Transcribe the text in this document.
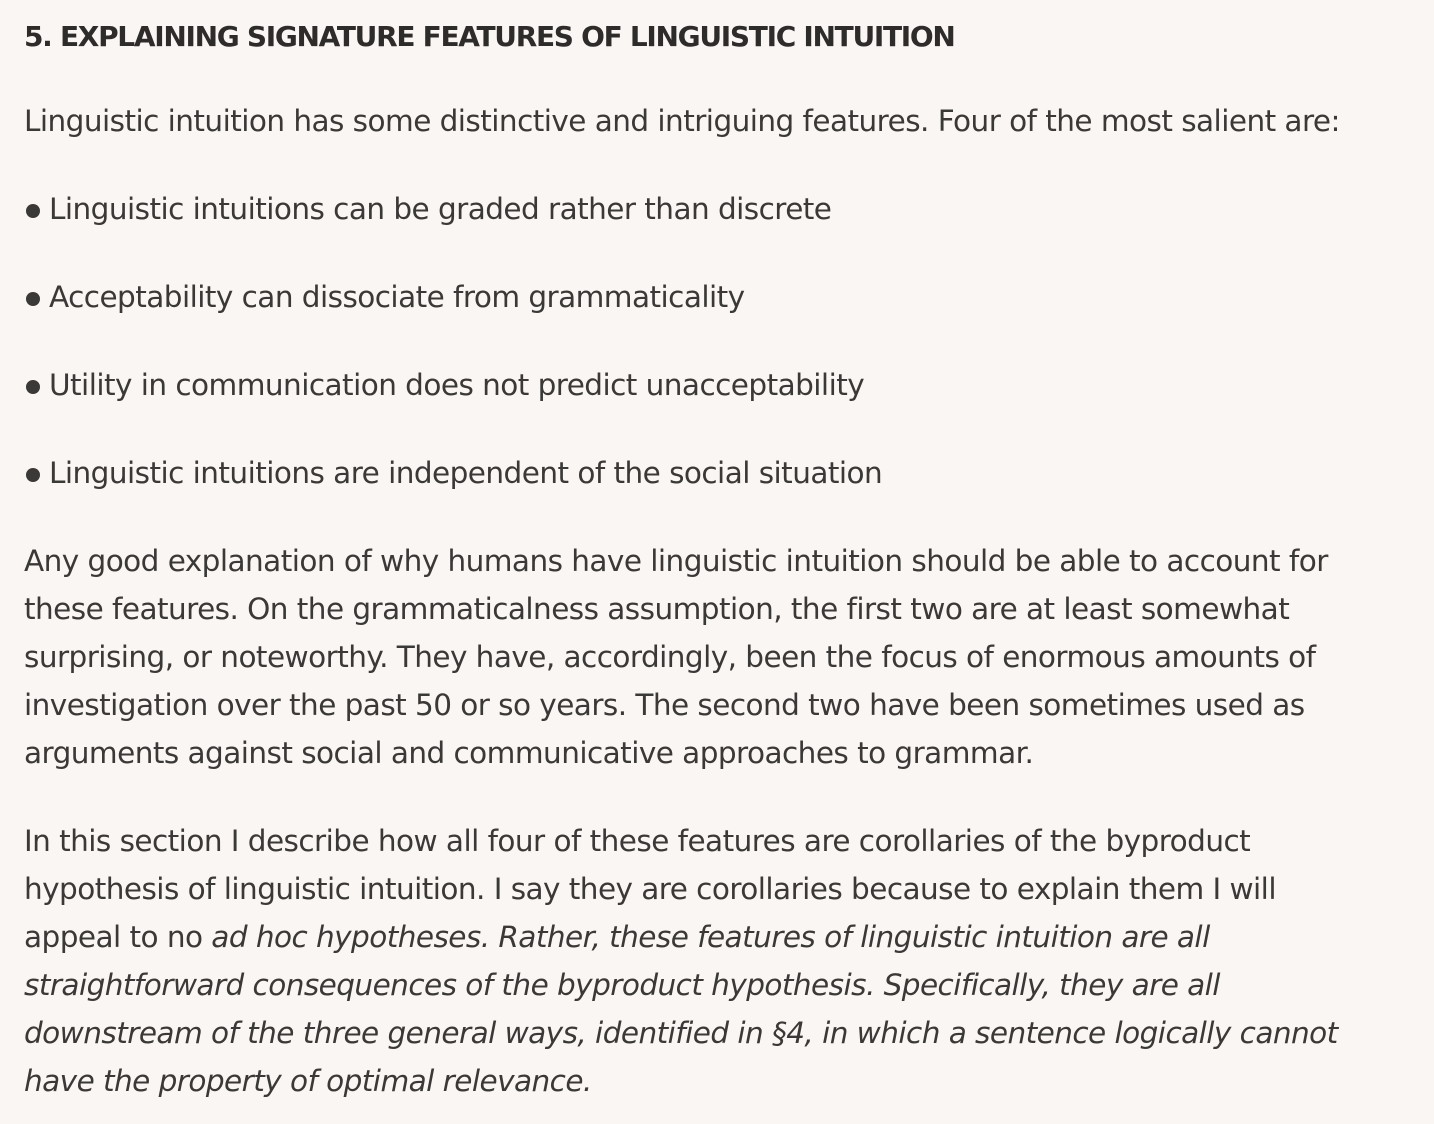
5. EXPLAINING SIGNATURE FEATURES OF LINGUISTIC INTUITION

Linguistic intuition has some distinctive and intriguing features. Four of the most salient are:

Linguistic intuitions can be graded rather than discrete

Acceptability can dissociate from grammaticality

Utility in communication does not predict unacceptability

Linguistic intuitions are independent of the social situation

Any good explanation of why humans have linguistic intuition should be able to account for
these features. On the grammaticalness assumption, the first two are at least somewhat
surprising, or noteworthy. They have, accordingly, been the focus of enormous amounts of
investigation over the past 50 or so years. The second two have been sometimes used as
arguments against social and communicative approaches to grammar.

In this section I describe how all four of these features are corollaries of the byproduct
hypothesis of linguistic intuition. I say they are corollaries because to explain them I will
appeal to no ad hoc hypotheses. Rather, these features of linguistic intuition are all
straightforward consequences of the byproduct hypothesis. Specifically, they are all
downstream of the three general ways, identified in §4, in which a sentence logically cannot
have the property of optimal relevance.
